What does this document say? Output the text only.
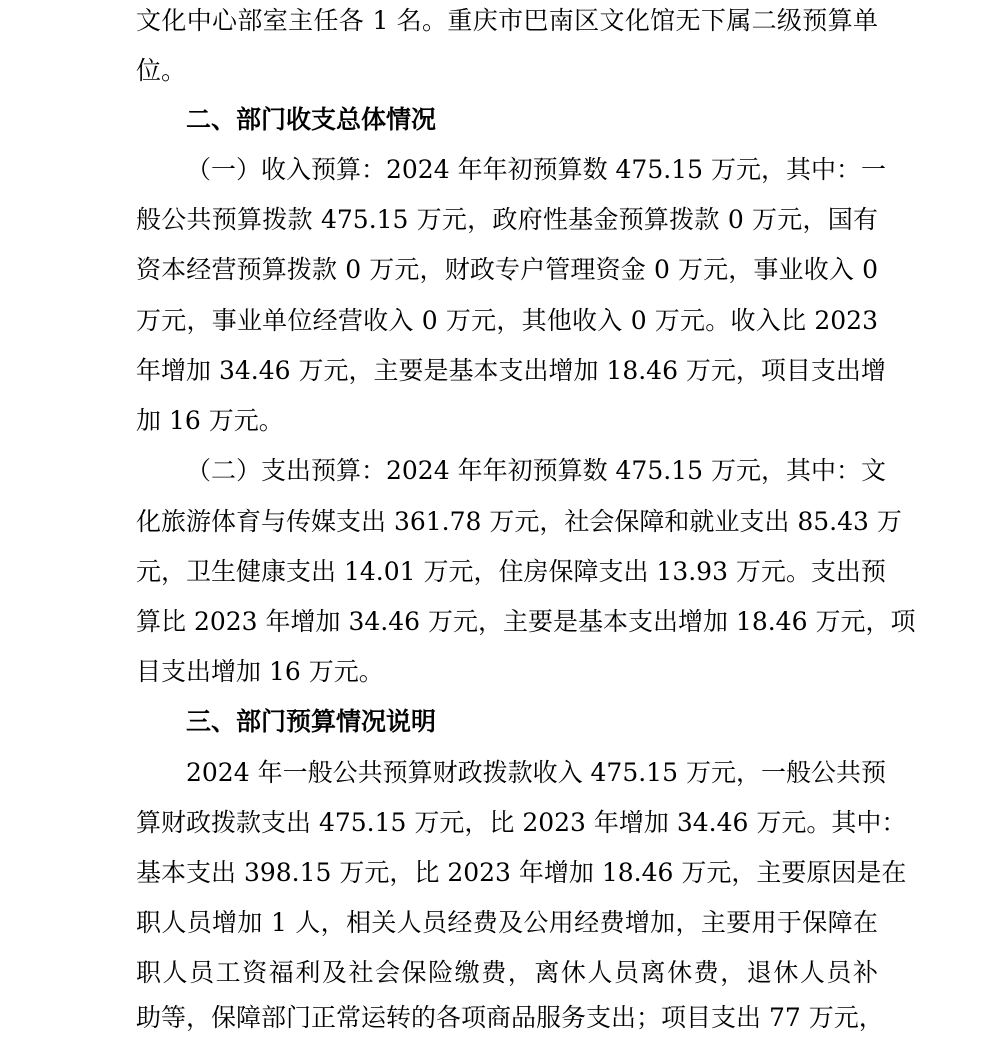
文化中心部室主任各 1 名。重庆市巴南区文化馆无下属二级预算单
位。
二、部门收支总体情况
（一）收入预算：2024 年年初预算数 475.15 万元，其中：一
般公共预算拨款 475.15 万元，政府性基金预算拨款 0 万元，国有
资本经营预算拨款 0 万元，财政专户管理资金 0 万元，事业收入 0
万元，事业单位经营收入 0 万元，其他收入 0 万元。收入比 2023
年增加 34.46 万元，主要是基本支出增加 18.46 万元，项目支出增
加 16 万元。
（二）支出预算：2024 年年初预算数 475.15 万元，其中：文
化旅游体育与传媒支出 361.78 万元，社会保障和就业支出 85.43 万
元，卫生健康支出 14.01 万元，住房保障支出 13.93 万元。支出预
算比 2023 年增加 34.46 万元，主要是基本支出增加 18.46 万元，项
目支出增加 16 万元。
三、部门预算情况说明
2024 年一般公共预算财政拨款收入 475.15 万元，一般公共预
算财政拨款支出 475.15 万元，比 2023 年增加 34.46 万元。其中：
基本支出 398.15 万元，比 2023 年增加 18.46 万元，主要原因是在
职人员增加 1 人，相关人员经费及公用经费增加，主要用于保障在
职人员工资福利及社会保险缴费，离休人员离休费，退休人员补
助等，保障部门正常运转的各项商品服务支出；项目支出 77 万元，
